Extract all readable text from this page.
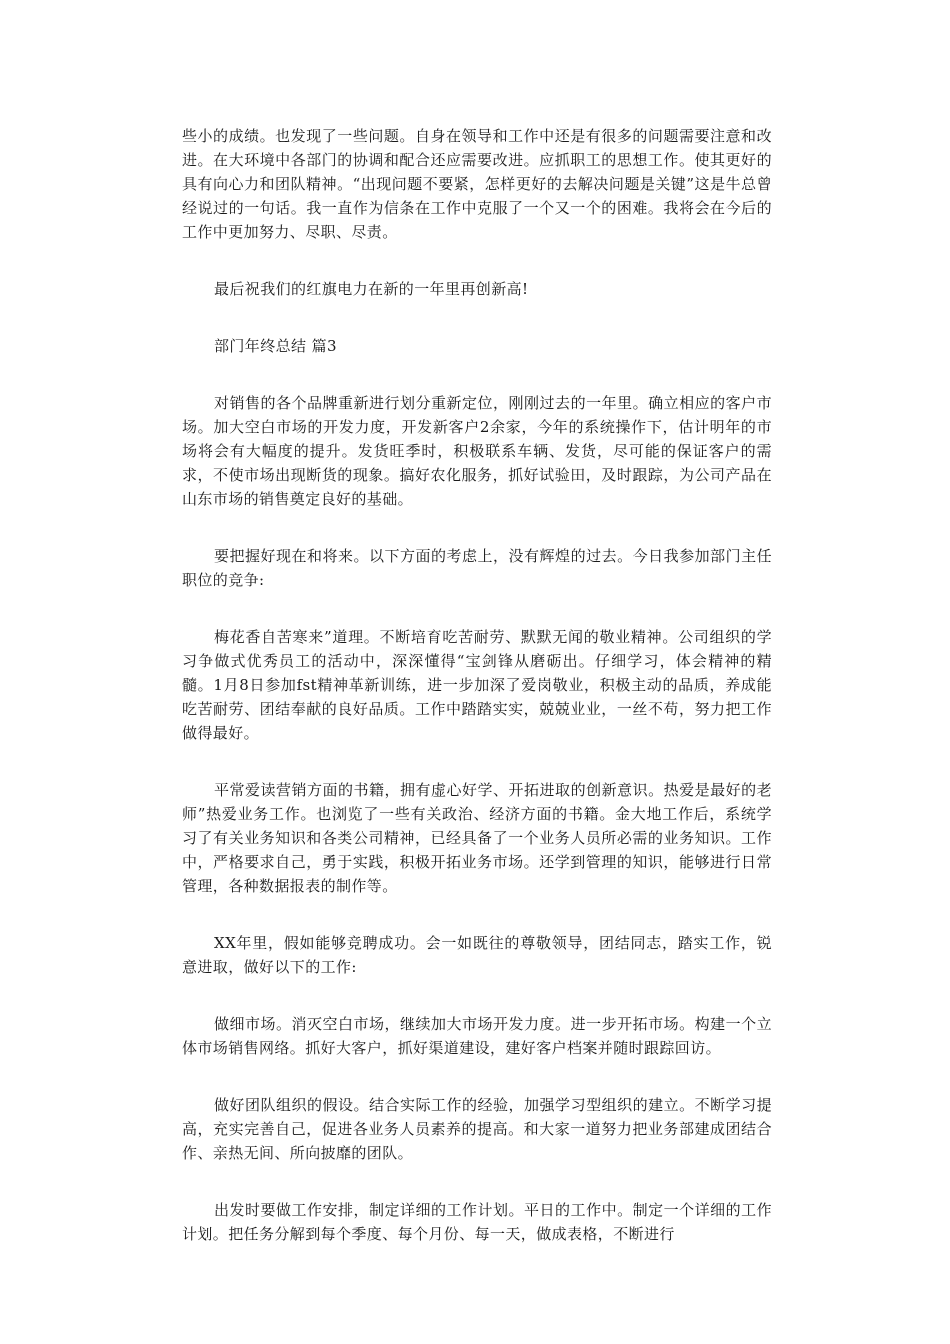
些小的成绩。也发现了一些问题。自身在领导和工作中还是有很多的问题需要注意和改进。在大环境中各部门的协调和配合还应需要改进。应抓职工的思想工作。使其更好的具有向心力和团队精神。“出现问题不要紧，怎样更好的去解决问题是关键”这是牛总曾经说过的一句话。我一直作为信条在工作中克服了一个又一个的困难。我将会在今后的工作中更加努力、尽职、尽责。

最后祝我们的红旗电力在新的一年里再创新高!

部门年终总结 篇3

对销售的各个品牌重新进行划分重新定位，刚刚过去的一年里。确立相应的客户市场。加大空白市场的开发力度，开发新客户2余家，今年的系统操作下，估计明年的市场将会有大幅度的提升。发货旺季时，积极联系车辆、发货，尽可能的保证客户的需求，不使市场出现断货的现象。搞好农化服务，抓好试验田，及时跟踪，为公司产品在山东市场的销售奠定良好的基础。

要把握好现在和将来。以下方面的考虑上，没有辉煌的过去。今日我参加部门主任职位的竞争:

梅花香自苦寒来”道理。不断培育吃苦耐劳、默默无闻的敬业精神。公司组织的学习争做式优秀员工的活动中，深深懂得“宝剑锋从磨砺出。仔细学习，体会精神的精髓。1月8日参加fst精神革新训练，进一步加深了爱岗敬业，积极主动的品质，养成能吃苦耐劳、团结奉献的良好品质。工作中踏踏实实，兢兢业业，一丝不苟，努力把工作做得最好。

平常爱读营销方面的书籍，拥有虚心好学、开拓进取的创新意识。热爱是最好的老师”热爱业务工作。也浏览了一些有关政治、经济方面的书籍。金大地工作后，系统学习了有关业务知识和各类公司精神，已经具备了一个业务人员所必需的业务知识。工作中，严格要求自己，勇于实践，积极开拓业务市场。还学到管理的知识，能够进行日常管理，各种数据报表的制作等。

XX年里，假如能够竞聘成功。会一如既往的尊敬领导，团结同志，踏实工作，锐意进取，做好以下的工作:

做细市场。消灭空白市场，继续加大市场开发力度。进一步开拓市场。构建一个立体市场销售网络。抓好大客户，抓好渠道建设，建好客户档案并随时跟踪回访。

做好团队组织的假设。结合实际工作的经验，加强学习型组织的建立。不断学习提高，充实完善自己，促进各业务人员素养的提高。和大家一道努力把业务部建成团结合作、亲热无间、所向披靡的团队。

出发时要做工作安排，制定详细的工作计划。平日的工作中。制定一个详细的工作计划。把任务分解到每个季度、每个月份、每一天，做成表格，不断进行
